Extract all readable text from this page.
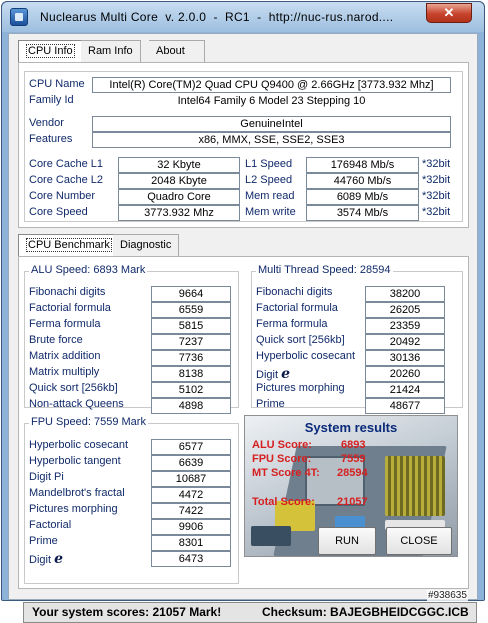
Nuclearus Multi Core  v. 2.0.0  -  RC1  -  http://nuc-rus.narod....	✕
CPU Info	Ram Info	About
CPU Name	Intel(R) Core(TM)2 Quad CPU Q9400 @ 2.66GHz [3773.932 Mhz]
Family Id	Intel64 Family 6 Model 23 Stepping 10
Vendor	GenuineIntel
Features	x86, MMX, SSE, SSE2, SSE3
Core Cache L1	32 Kbyte
Core Cache L2	2048 Kbyte
Core Number	Quadro Core
Core Speed	3773.932 Mhz
L1 Speed	176948 Mb/s	*32bit
L2 Speed	44760 Mb/s	*32bit
Mem read	6089 Mb/s	*32bit
Mem write	3574 Mb/s	*32bit
CPU Benchmark Diagnostic
ALU Speed: 6893 Mark	Multi Thread Speed: 28594
FPU Speed: 7559 Mark
Fibonachi digits	9664
Factorial formula	6559
Ferma formula	5815
Brute force	7237
Matrix addition	7736
Matrix multiply	8138
Quick sort [256kb]	5102
Non-attack Queens	4898
Fibonachi digits	38200
Factorial formula	26205
Ferma formula	23359
Quick sort [256kb]	20492
Hyperbolic cosecant	30136
Digit e	20260
Pictures morphing	21424
Prime	48677
Hyperbolic cosecant	6577
Hyperbolic tangent	6639
Digit Pi	10687
Mandelbrot's fractal	4472
Pictures morphing	7422
Factorial	9906
Prime	8301
Digit e	6473
Your system scores: 21057 Mark!	Checksum: BAJEGBHEIDCGGC.ICB
System results
ALU Score:	6893
FPU Score:	7559
MT Score 4T: 28594
Total Score: 21057
RUN	CLOSE
#938635
